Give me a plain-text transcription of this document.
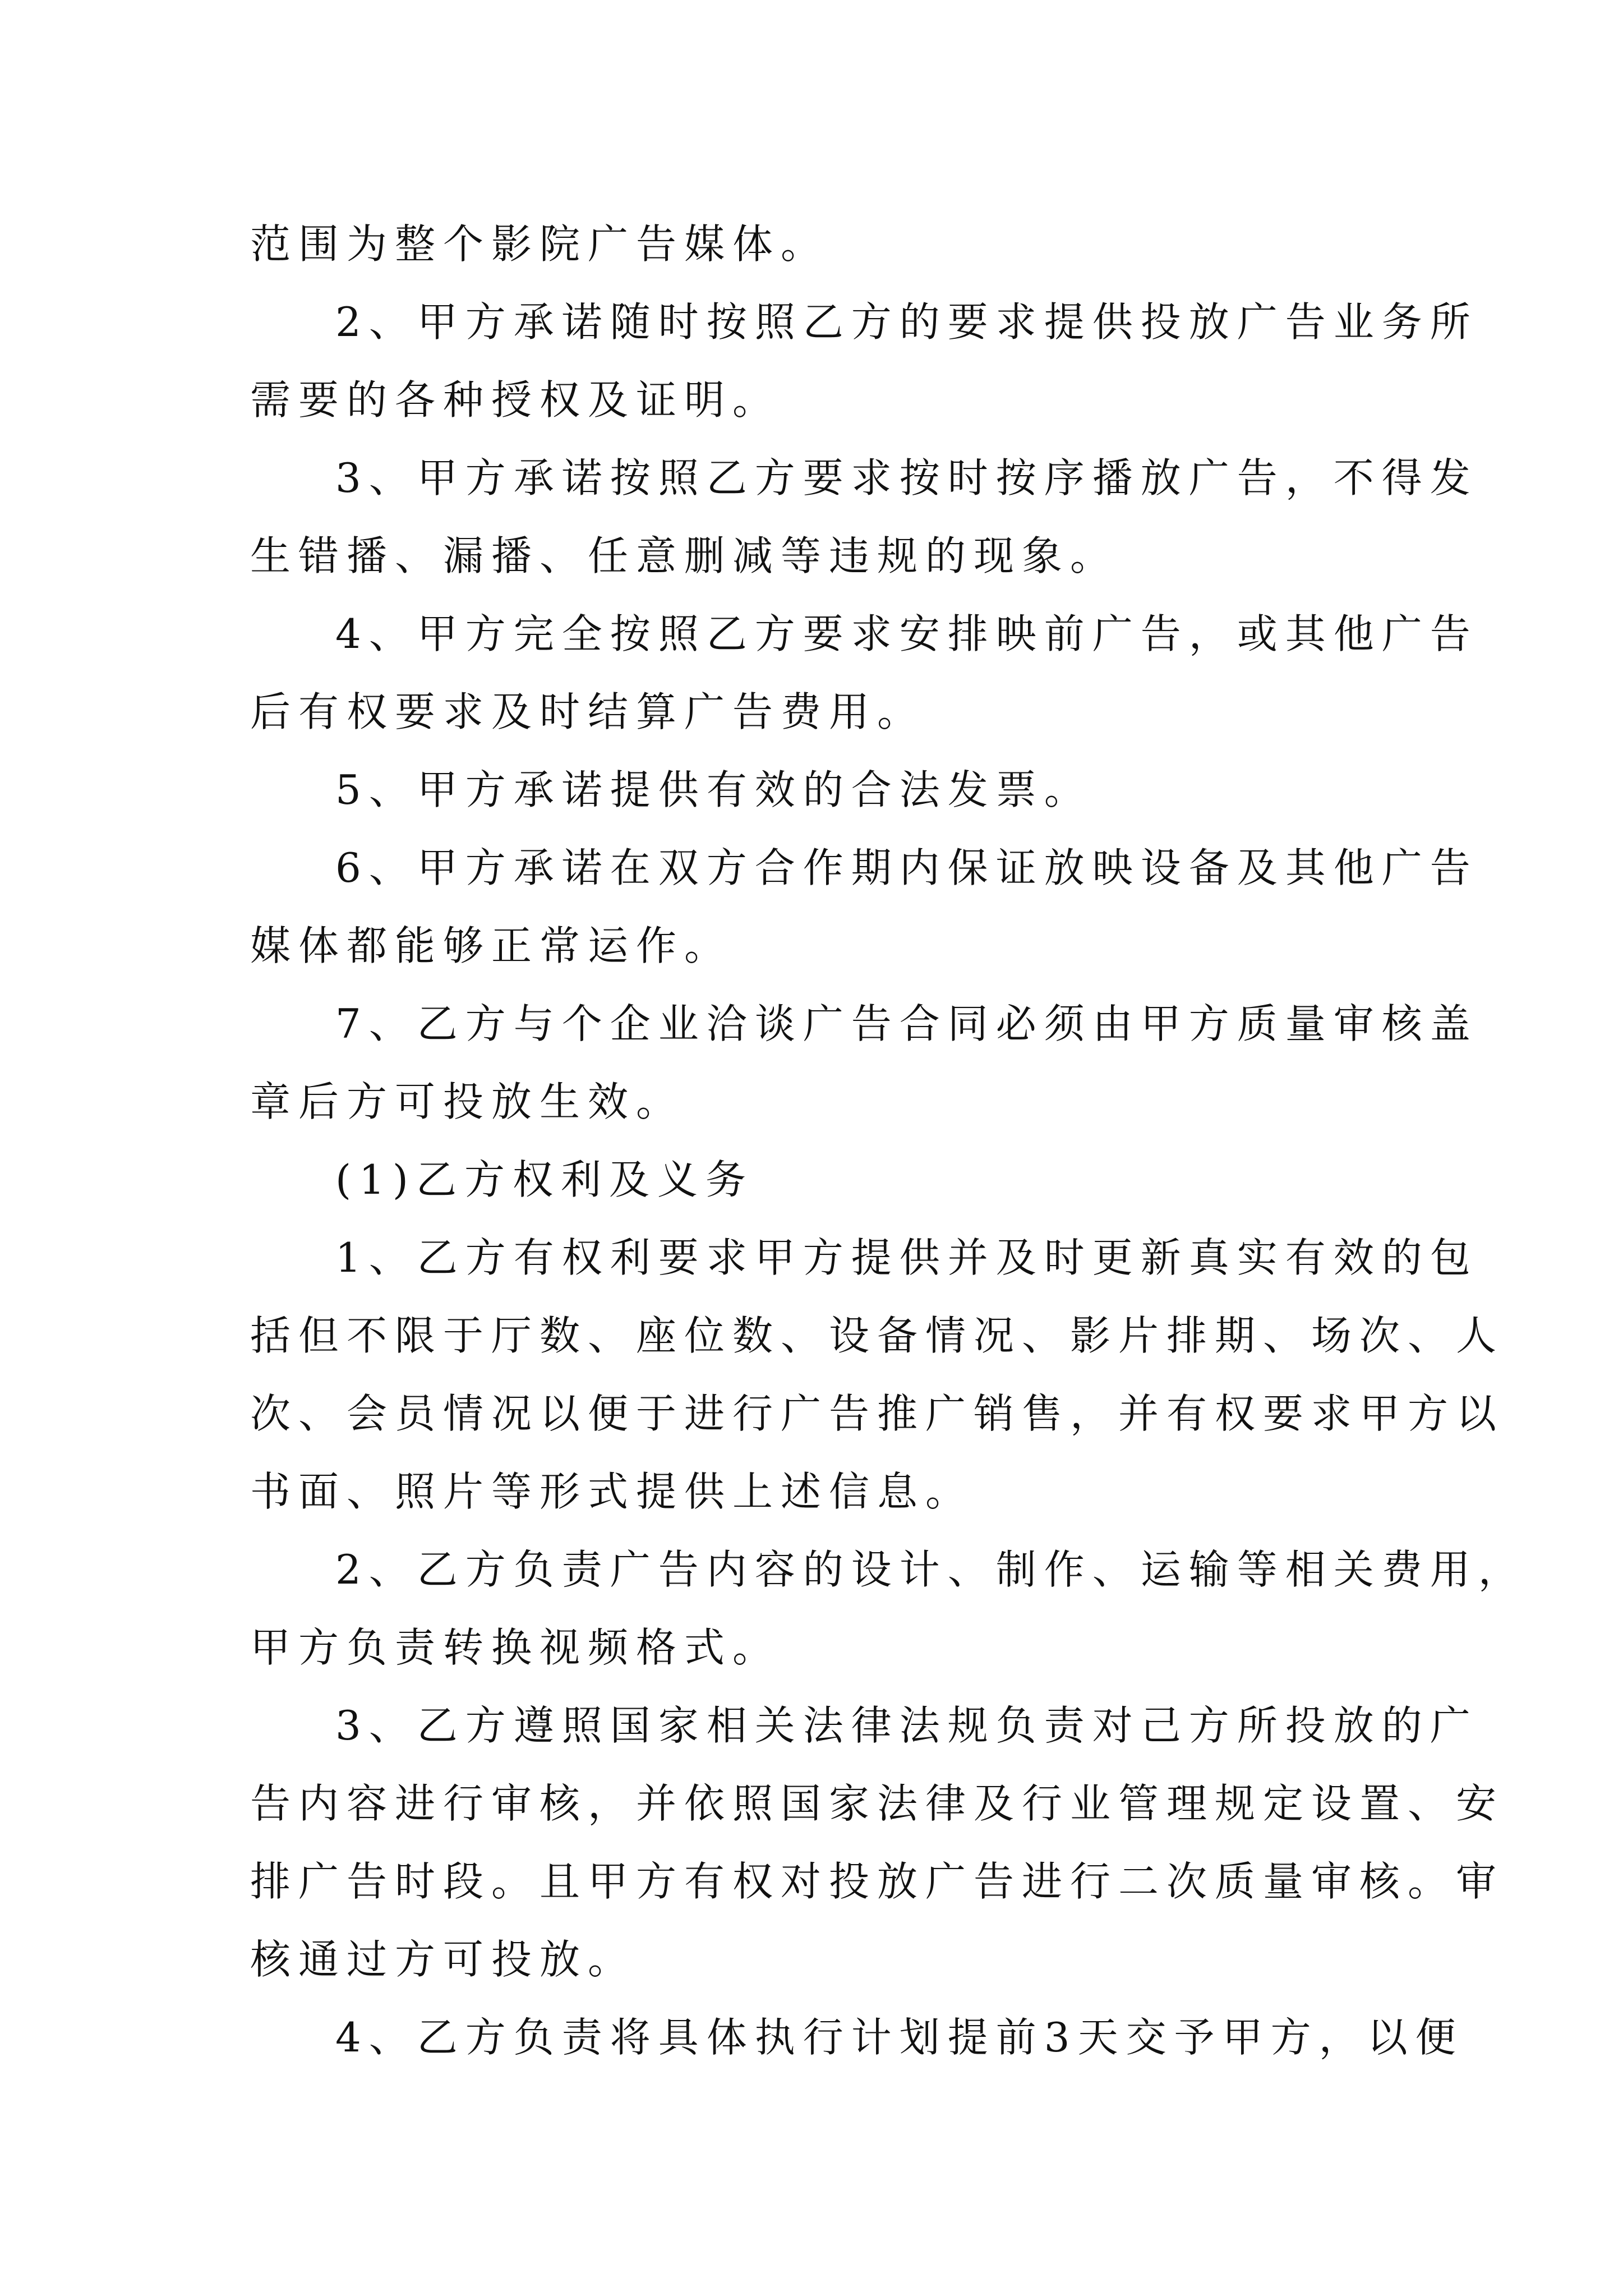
范围为整个影院广告媒体。
2、甲方承诺随时按照乙方的要求提供投放广告业务所
需要的各种授权及证明。
3、甲方承诺按照乙方要求按时按序播放广告，不得发
生错播、漏播、任意删减等违规的现象。
4、甲方完全按照乙方要求安排映前广告，或其他广告
后有权要求及时结算广告费用。
5、甲方承诺提供有效的合法发票。
6、甲方承诺在双方合作期内保证放映设备及其他广告
媒体都能够正常运作。
7、乙方与个企业洽谈广告合同必须由甲方质量审核盖
章后方可投放生效。
(1)乙方权利及义务
1、乙方有权利要求甲方提供并及时更新真实有效的包
括但不限于厅数、座位数、设备情况、影片排期、场次、人
次、会员情况以便于进行广告推广销售，并有权要求甲方以
书面、照片等形式提供上述信息。
2、乙方负责广告内容的设计、制作、运输等相关费用，
甲方负责转换视频格式。
3、乙方遵照国家相关法律法规负责对己方所投放的广
告内容进行审核，并依照国家法律及行业管理规定设置、安
排广告时段。且甲方有权对投放广告进行二次质量审核。审
核通过方可投放。
4、乙方负责将具体执行计划提前3天交予甲方，以便
